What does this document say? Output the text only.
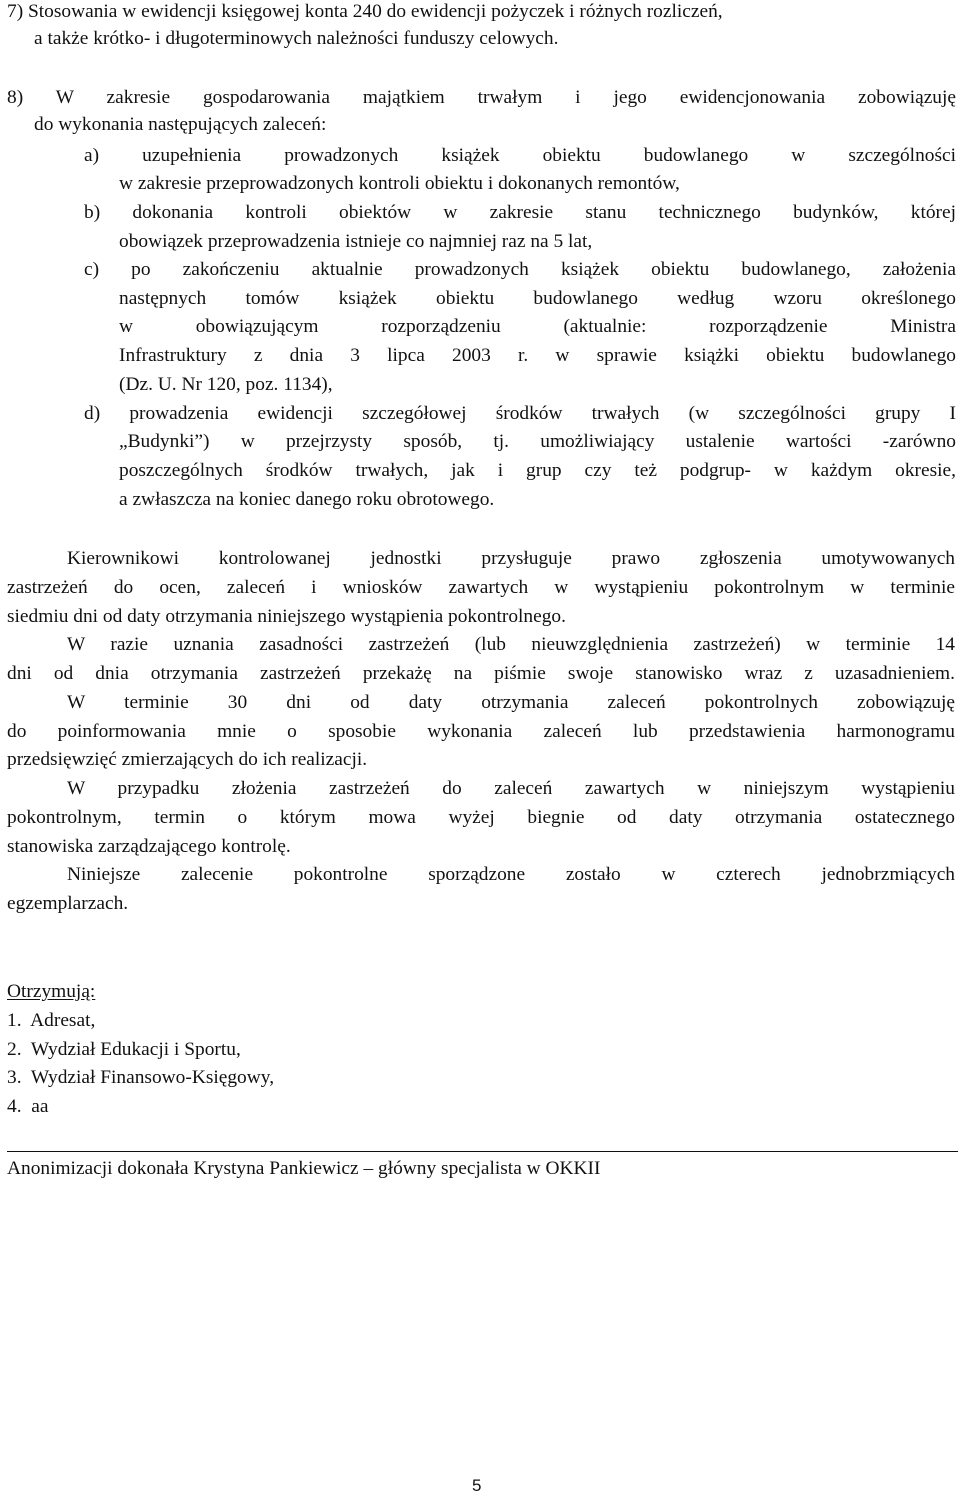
7) Stosowania w ewidencji księgowej konta 240 do ewidencji pożyczek i różnych rozliczeń,
a także krótko- i długoterminowych należności funduszy celowych.
8) W zakresie gospodarowania majątkiem trwałym i jego ewidencjonowania zobowiązuję
do wykonania następujących zaleceń:
a) uzupełnienia prowadzonych książek obiektu budowlanego w szczególności
w zakresie przeprowadzonych kontroli obiektu i dokonanych remontów,
b) dokonania kontroli obiektów w zakresie stanu technicznego budynków, której
obowiązek przeprowadzenia istnieje co najmniej raz na 5 lat,
c) po zakończeniu aktualnie prowadzonych książek obiektu budowlanego, założenia
następnych tomów książek obiektu budowlanego według wzoru określonego
w obowiązującym rozporządzeniu (aktualnie: rozporządzenie Ministra
Infrastruktury z dnia 3 lipca 2003 r. w sprawie książki obiektu budowlanego
(Dz. U. Nr 120, poz. 1134),
d) prowadzenia ewidencji szczegółowej środków trwałych (w szczególności grupy I
„Budynki”) w przejrzysty sposób, tj. umożliwiający ustalenie wartości -zarówno
poszczególnych środków trwałych, jak i grup czy też podgrup- w każdym okresie,
a zwłaszcza na koniec danego roku obrotowego.
Kierownikowi kontrolowanej jednostki przysługuje prawo zgłoszenia umotywowanych
zastrzeżeń do ocen, zaleceń i wniosków zawartych w wystąpieniu pokontrolnym w terminie
siedmiu dni od daty otrzymania niniejszego wystąpienia pokontrolnego.
W razie uznania zasadności zastrzeżeń (lub nieuwzględnienia zastrzeżeń) w terminie 14
dni od dnia otrzymania zastrzeżeń przekażę na piśmie swoje stanowisko wraz z uzasadnieniem.
W terminie 30 dni od daty otrzymania zaleceń pokontrolnych zobowiązuję
do poinformowania mnie o sposobie wykonania zaleceń lub przedstawienia harmonogramu
przedsięwzięć zmierzających do ich realizacji.
W przypadku złożenia zastrzeżeń do zaleceń zawartych w niniejszym wystąpieniu
pokontrolnym, termin o którym mowa wyżej biegnie od daty otrzymania ostatecznego
stanowiska zarządzającego kontrolę.
Niniejsze zalecenie pokontrolne sporządzone zostało w czterech jednobrzmiących
egzemplarzach.
Otrzymują:
1.  Adresat,
2.  Wydział Edukacji i Sportu,
3.  Wydział Finansowo-Księgowy,
4.  aa
Anonimizacji dokonała Krystyna Pankiewicz – główny specjalista w OKKII
5
